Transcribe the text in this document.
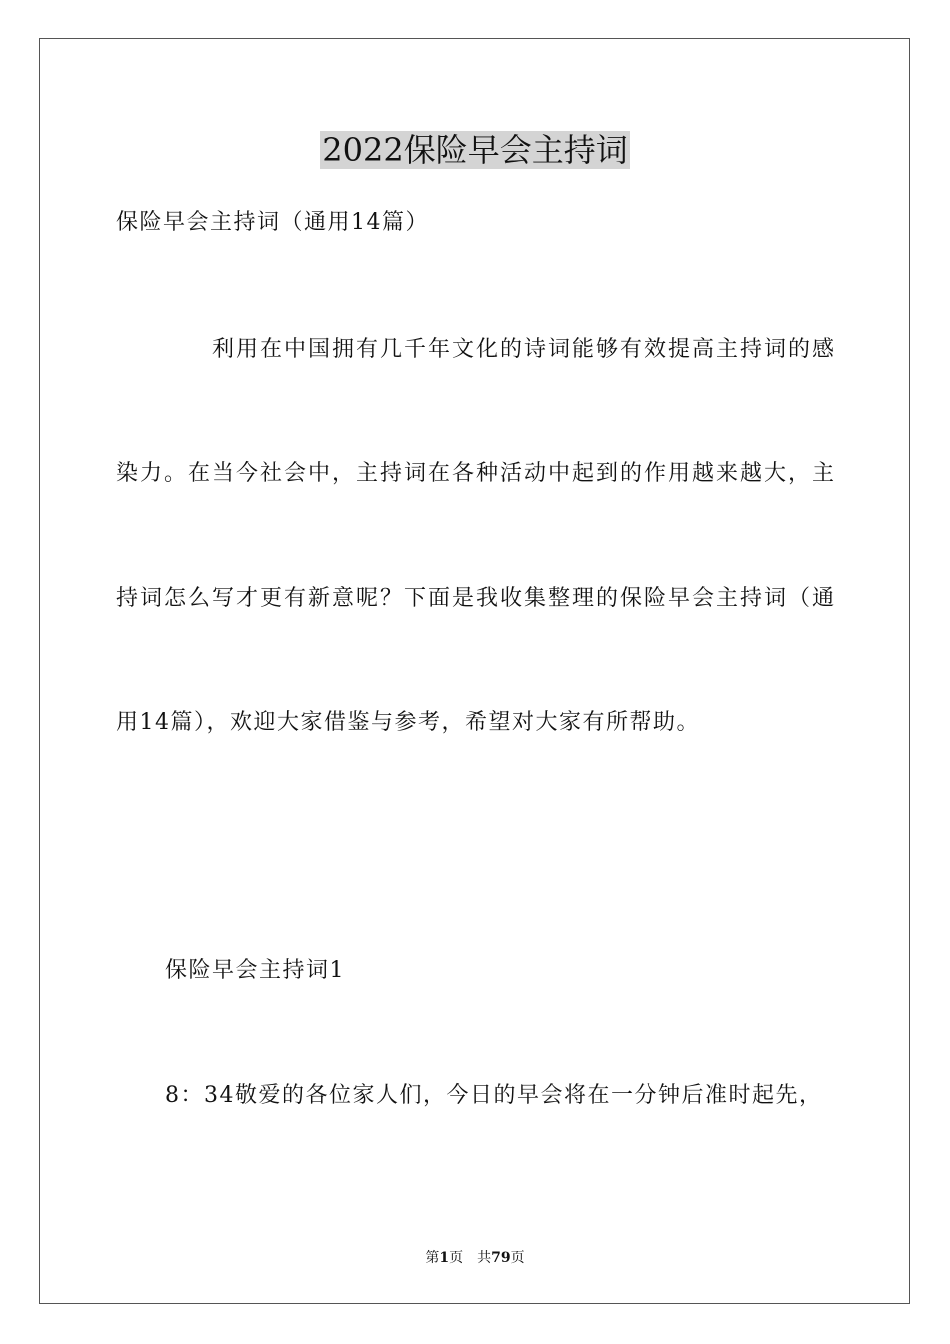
2022保险早会主持词
保险早会主持词（通用14篇）
利用在中国拥有几千年文化的诗词能够有效提高主持词的感
染力。在当今社会中，主持词在各种活动中起到的作用越来越大，主
持词怎么写才更有新意呢？下面是我收集整理的保险早会主持词（通
用14篇），欢迎大家借鉴与参考，希望对大家有所帮助。
保险早会主持词1
8：34敬爱的各位家人们，今日的早会将在一分钟后准时起先，
第1页　共79页
